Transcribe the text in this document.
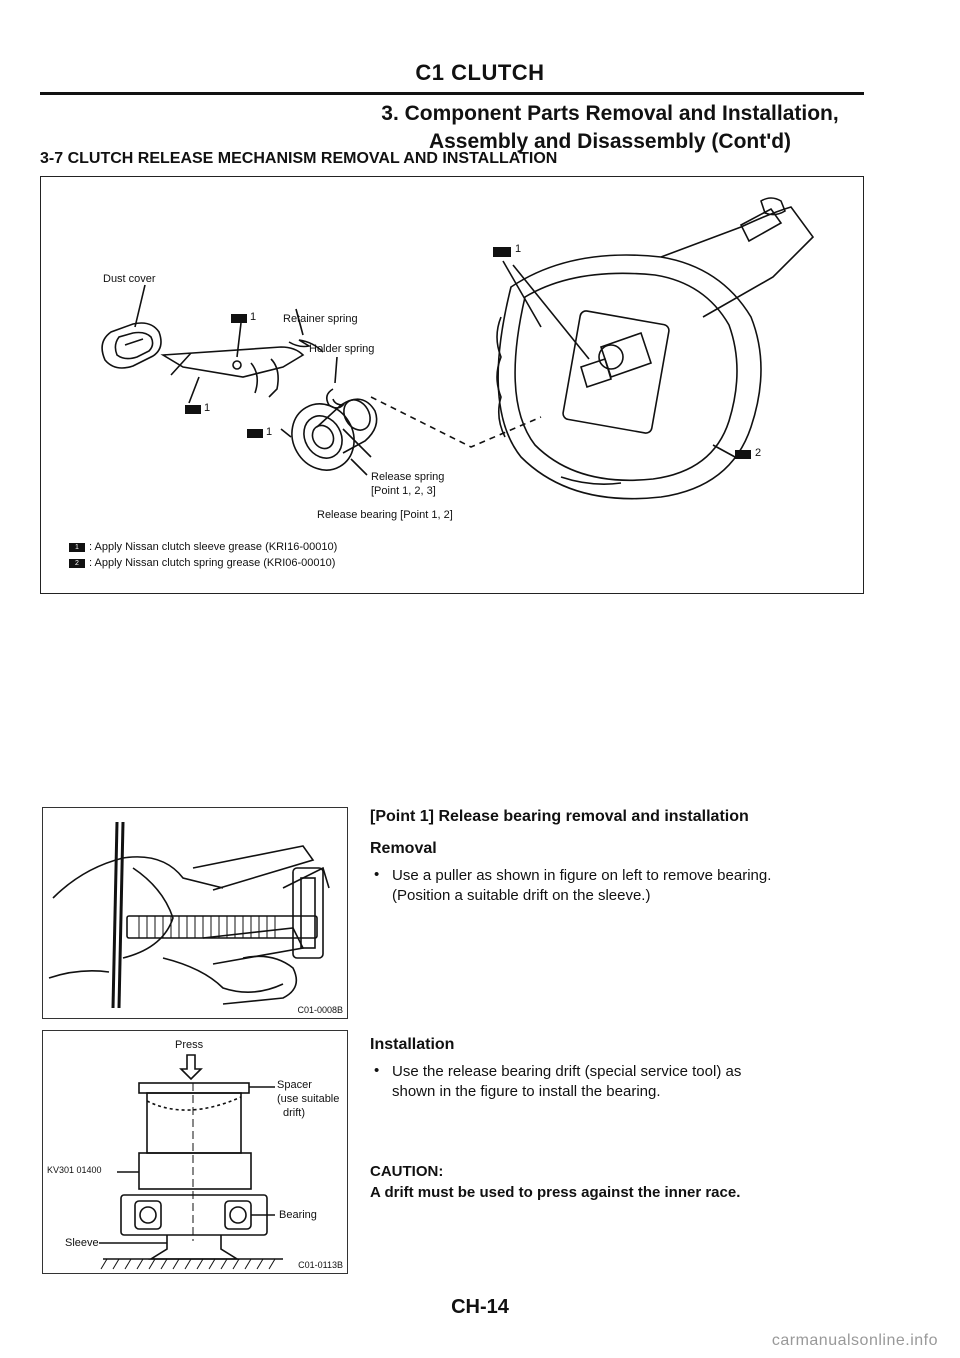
C1 CLUTCH
3. Component Parts Removal and Installation,
Assembly and Disassembly (Cont'd)
3-7 CLUTCH RELEASE MECHANISM REMOVAL AND INSTALLATION
1
1
1
1
2
Dust cover
Retainer spring
Holder spring
Release spring
[Point 1, 2, 3]
Release bearing [Point 1, 2]
1 : Apply Nissan clutch sleeve grease (KRI16-00010)
2 : Apply Nissan clutch spring grease (KRI06-00010)
C01-0008B
Press
Spacer
(use suitable
drift)
KV301 01400
Bearing
Sleeve
C01-0113B
[Point 1] Release bearing removal and installation
Removal
• Use a puller as shown in figure on left to remove bearing.
(Position a suitable drift on the sleeve.)
Installation
• Use the release bearing drift (special service tool) as
shown in the figure to install the bearing.
CAUTION:
A drift must be used to press against the inner race.
CH-14
carmanualsonline.info
